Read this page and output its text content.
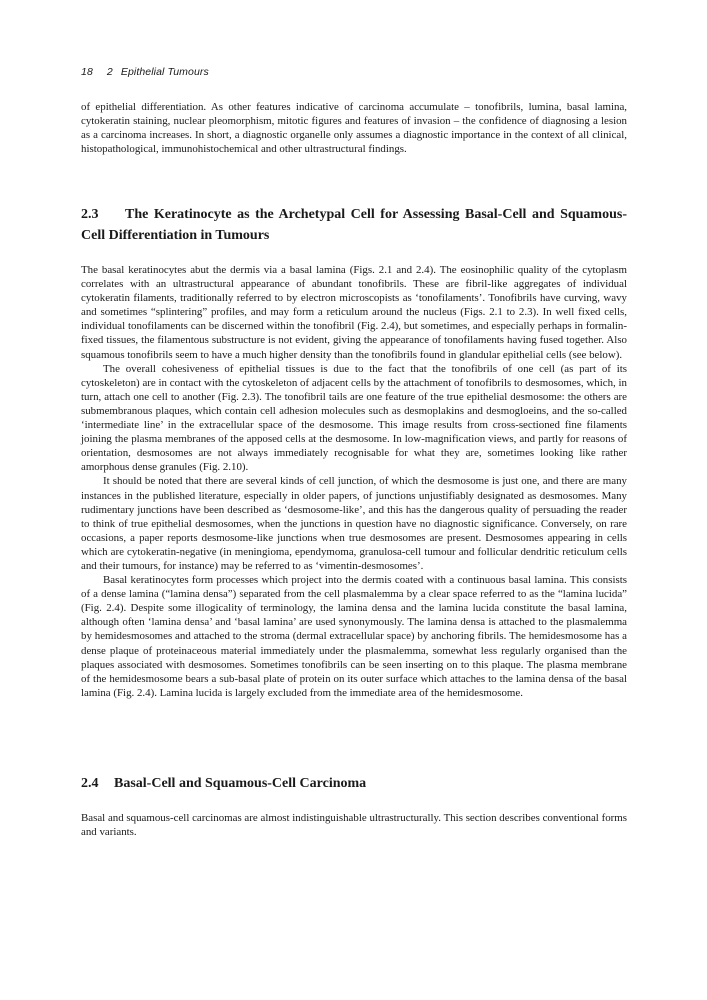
18 2 Epithelial Tumours

of epithelial differentiation. As other features indicative of carcinoma accumulate – tonofibrils, lumina, basal lamina, cytokeratin staining, nuclear pleomorphism, mitotic figures and features of invasion – the confidence of diagnosing a lesion as a carcinoma increases. In short, a diagnostic organelle only assumes a diagnostic importance in the context of all clinical, histopathological, immunohistochemical and other ultrastructural findings.

2.3 The Keratinocyte as the Archetypal Cell for Assessing Basal-Cell and Squamous-Cell Differentiation in Tumours

The basal keratinocytes abut the dermis via a basal lamina (Figs. 2.1 and 2.4). The eosinophilic quality of the cytoplasm correlates with an ultrastructural appearance of abundant tonofibrils. These are fibril-like aggregates of individual cytokeratin filaments, traditionally referred to by electron microscopists as ‘tonofilaments’. Tonofibrils have curving, wavy and sometimes “splintering” profiles, and may form a reticulum around the nucleus (Figs. 2.1 to 2.3). In well fixed cells, individual tonofilaments can be discerned within the tonofibril (Fig. 2.4), but sometimes, and especially perhaps in formalin-fixed tissues, the filamentous substructure is not evident, giving the appearance of tonofilaments having fused together. Also squamous tonofibrils seem to have a much higher density than the tonofibrils found in glandular epithelial cells (see below).

The overall cohesiveness of epithelial tissues is due to the fact that the tonofibrils of one cell (as part of its cytoskeleton) are in contact with the cytoskeleton of adjacent cells by the attachment of tonofibrils to desmosomes, which, in turn, attach one cell to another (Fig. 2.3). The tonofibril tails are one feature of the true epithelial desmosome: the others are submembranous plaques, which contain cell adhesion molecules such as desmoplakins and desmogloeins, and the so-called ‘intermediate line’ in the extracellular space of the desmosome. This image results from cross-sectioned fine filaments joining the plasma membranes of the apposed cells at the desmosome. In low-magnification views, and partly for reasons of orientation, desmosomes are not always immediately recognisable for what they are, sometimes looking like rather amorphous dense granules (Fig. 2.10).

It should be noted that there are several kinds of cell junction, of which the desmosome is just one, and there are many instances in the published literature, especially in older papers, of junctions unjustifiably designated as desmosomes. Many rudimentary junctions have been described as ‘desmosome-like’, and this has the dangerous quality of persuading the reader to think of true epithelial desmosomes, when the junctions in question have no diagnostic significance. Conversely, on rare occasions, a paper reports desmosome-like junctions when true desmosomes are present. Desmosomes appearing in cells which are cytokeratin-negative (in meningioma, ependymoma, granulosa-cell tumour and follicular dendritic reticulum cells and their tumours, for instance) may be referred to as ‘vimentin-desmosomes’.

Basal keratinocytes form processes which project into the dermis coated with a continuous basal lamina. This consists of a dense lamina (“lamina densa”) separated from the cell plasmalemma by a clear space referred to as the “lamina lucida” (Fig. 2.4). Despite some illogicality of terminology, the lamina densa and the lamina lucida constitute the basal lamina, although often ‘lamina densa’ and ‘basal lamina’ are used synonymously. The lamina densa is attached to the plasmalemma by hemidesmosomes and attached to the stroma (dermal extracellular space) by anchoring fibrils. The hemidesmosome has a dense plaque of proteinaceous material immediately under the plasmalemma, somewhat less regularly organised than the plaques associated with desmosomes. Sometimes tonofibrils can be seen inserting on to this plaque. The plasma membrane of the hemidesmosome bears a sub-basal plate of protein on its outer surface which attaches to the lamina densa of the basal lamina (Fig. 2.4). Lamina lucida is largely excluded from the immediate area of the hemidesmosome.

2.4 Basal-Cell and Squamous-Cell Carcinoma

Basal and squamous-cell carcinomas are almost indistinguishable ultrastructurally. This section describes conventional forms and variants.
